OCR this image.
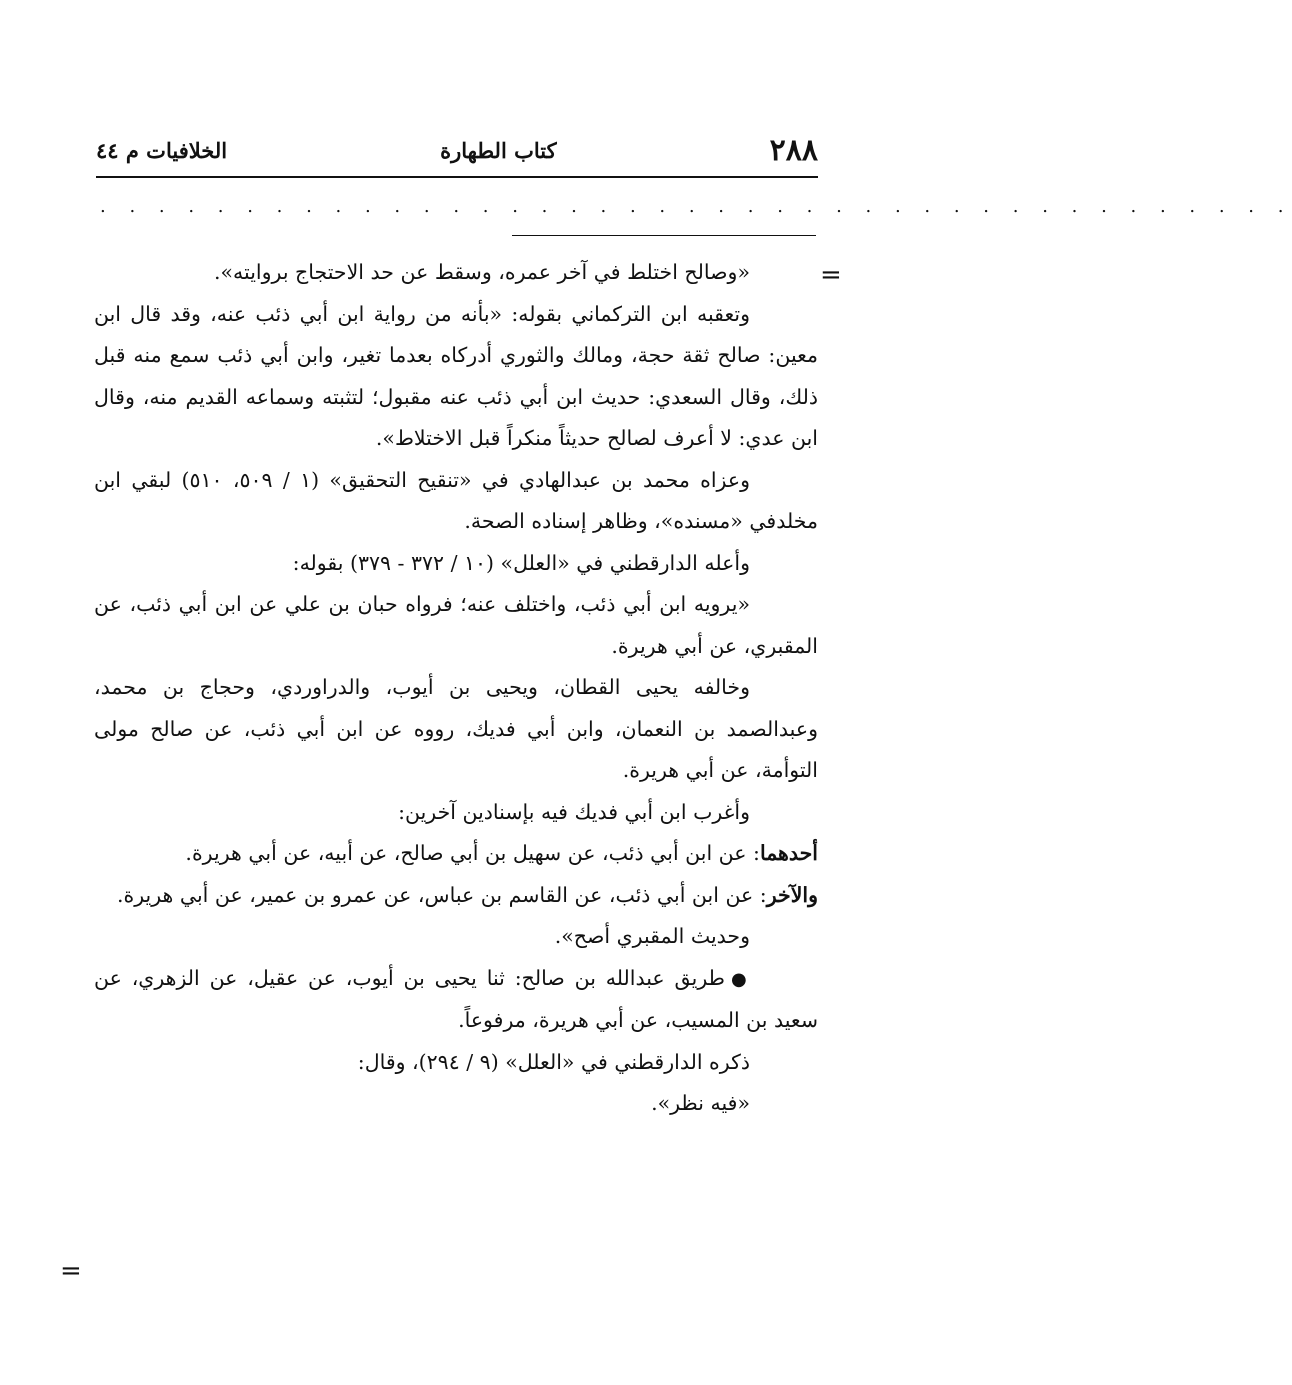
٢٨٨
كتاب الطهارة
الخلافيات م ٤٤
. . . . . . . . . . . . . . . . . . . . . . . . . . . . . . . . . . . . . . . . .
=
=

«وصالح اختلط في آخر عمره، وسقط عن حد الاحتجاج بروايته».

وتعقبه ابن التركماني بقوله: «بأنه من رواية ابن أبي ذئب عنه، وقد قال ابن معين: صالح ثقة حجة، ومالك والثوري أدركاه بعدما تغير، وابن أبي ذئب سمع منه قبل ذلك، وقال السعدي: حديث ابن أبي ذئب عنه مقبول؛ لتثبته وسماعه القديم منه، وقال ابن عدي: لا أعرف لصالح حديثاً منكراً قبل الاختلاط».

وعزاه محمد بن عبدالهادي في «تنقيح التحقيق» (١ / ٥٠٩، ٥١٠) لبقي ابن مخلدفي «مسنده»، وظاهر إسناده الصحة.

وأعله الدارقطني في «العلل» (١٠ / ٣٧٢ - ٣٧٩) بقوله:

«يرويه ابن أبي ذئب، واختلف عنه؛ فرواه حبان بن علي عن ابن أبي ذئب، عن المقبري، عن أبي هريرة.

وخالفه يحيى القطان، ويحيى بن أيوب، والدراوردي، وحجاج بن محمد، وعبدالصمد بن النعمان، وابن أبي فديك، رووه عن ابن أبي ذئب، عن صالح مولى التوأمة، عن أبي هريرة.

وأغرب ابن أبي فديك فيه بإسنادين آخرين:

أحدهما: عن ابن أبي ذئب، عن سهيل بن أبي صالح، عن أبيه، عن أبي هريرة.

والآخر: عن ابن أبي ذئب، عن القاسم بن عباس، عن عمرو بن عمير، عن أبي هريرة.

وحديث المقبري أصح».

●طريق عبدالله بن صالح: ثنا يحيى بن أيوب، عن عقيل، عن الزهري، عن سعيد بن المسيب، عن أبي هريرة، مرفوعاً.

ذكره الدارقطني في «العلل» (٩ / ٢٩٤)، وقال:

«فيه نظر».
